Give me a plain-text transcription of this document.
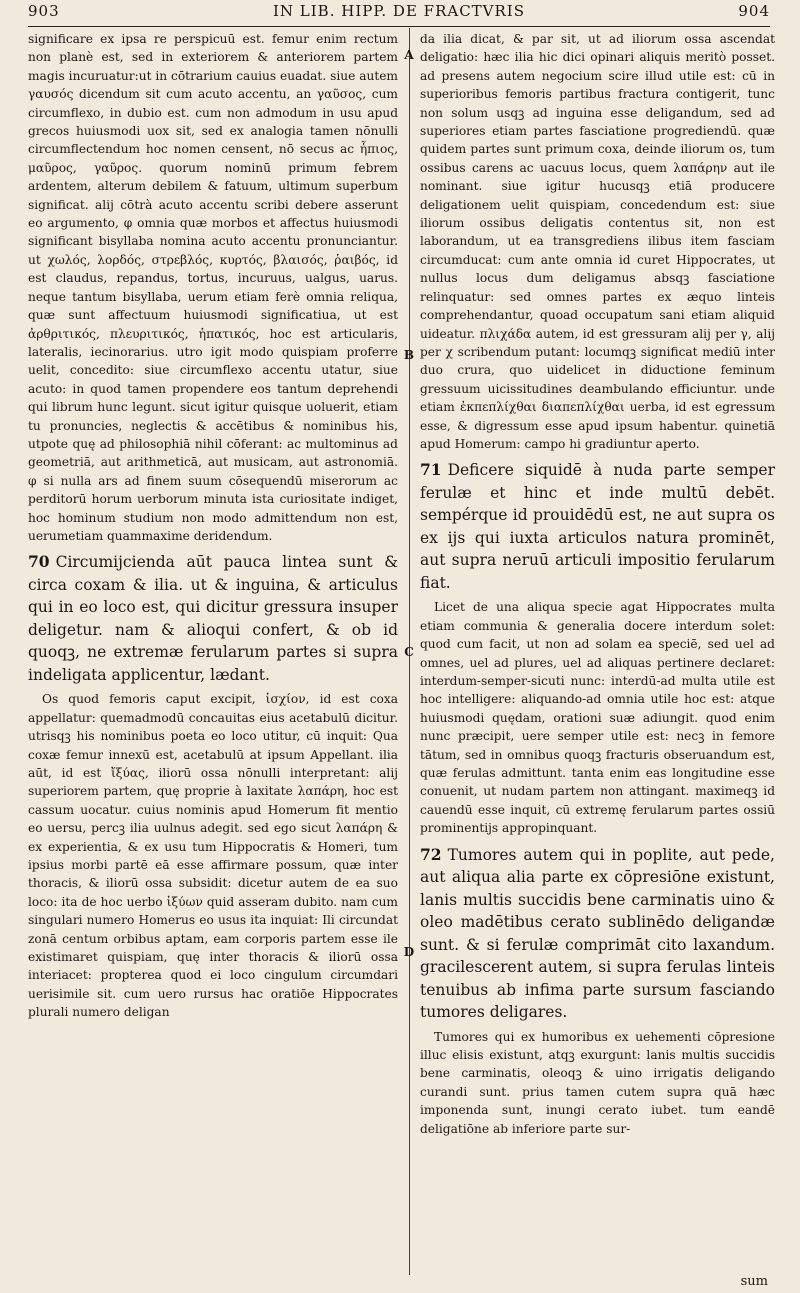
903	IN LIB. HIPP. DE FRACTVRIS	904
A
B
C
D

significare ex ipsa re perspicuū est. femur enim rectum non planè est, sed in exteriorem & anteriorem partem magis incuruatur:ut in cōtrarium cauius euadat. siue autem γαυσός dicendum sit cum acuto accentu, an γαῦσος, cum circumflexo, in dubio est. cum non admodum in usu apud grecos huiusmodi uox sit, sed ex analogia tamen nōnulli circumflectendum hoc nomen censent, nō secus ac ἧπιος, μαῦρος, γαῦρος. quorum nominū primum febrem ardentem, alterum debilem & fatuum, ultimum superbum significat. alij cōtrà acuto accentu scribi debere asserunt eo argumento, φ omnia quæ morbos et affectus huiusmodi significant bisyllaba nomina acuto accentu pronunciantur. ut χωλός, λορδός, στρεβλός, κυρτός, βλαισός, ῥαιβός, id est claudus, repandus, tortus, incuruus, ualgus, uarus. neque tantum bisyllaba, uerum etiam ferè omnia reliqua, quæ sunt affectuum huiusmodi significatiua, ut est ἀρθριτικός, πλευριτικός, ἡπατικός, hoc est articularis, lateralis, iecinorarius. utro igit modo quispiam proferre uelit, concedito: siue circumflexo accentu utatur, siue acuto: in quod tamen propendere eos tantum deprehendi qui librum hunc legunt. sicut igitur quisque uoluerit, etiam tu pronuncies, neglectis & accētibus & nominibus his, utpote quę ad philosophiā nihil cōferant: ac multominus ad geometriā, aut arithmeticā, aut musicam, aut astronomiā. φ si nulla ars ad finem suum cōsequendū miserorum ac perditorū horum uerborum minuta ista curiositate indiget, hoc hominum studium non modo admittendum non est, uerumetiam quammaxime deridendum.

70 Circumijcienda aūt pauca lintea sunt & circa coxam & ilia. ut & inguina, & articulus qui in eo loco est, qui dicitur gressura insuper deligetur. nam & alioqui confert, & ob id quoqꝫ, ne extremæ ferularum partes si supra indeligata applicentur, lædant.

Os quod femoris caput excipit, ἰσχίον, id est coxa appellatur: quemadmodū concauitas eius acetabulū dicitur. utrisqꝫ his nominibus poeta eo loco utitur, cū inquit: Qua coxæ femur innexū est, acetabulū at ipsum Appellant. ilia aūt, id est ἴξύας, iliorū ossa nōnulli interpretant: alij superiorem partem, quę proprie à laxitate λαπάρη, hoc est cassum uocatur. cuius nominis apud Homerum fit mentio eo uersu, percꝫ ilia uulnus adegit. sed ego sicut λαπάρη & ex experientia, & ex usu tum Hippocratis & Homeri, tum ipsius morbi partē eā esse affirmare possum, quæ inter thoracis, & iliorū ossa subsidit: dicetur autem de ea suo loco: ita de hoc uerbo ἰξύων quid asseram dubito. nam cum singulari numero Homerus eo usus ita inquiat: Ili circundat zonā centum orbibus aptam, eam corporis partem esse ile existimaret quispiam, quę inter thoracis & iliorū ossa interiacet: propterea quod ei loco cingulum circumdari uerisimile sit. cum uero rursus hac oratiōe Hippocrates plurali numero deligan

da ilia dicat, & par sit, ut ad iliorum ossa ascendat deligatio: hæc ilia hic dici opinari aliquis meritò posset. ad presens autem negocium scire illud utile est: cū in superioribus femoris partibus fractura contigerit, tunc non solum usqꝫ ad inguina esse deligandum, sed ad superiores etiam partes fasciatione progrediendū. quæ quidem partes sunt primum coxa, deinde iliorum os, tum ossibus carens ac uacuus locus, quem λαπάρην aut ile nominant. siue igitur hucusqꝫ etiā producere deligationem uelit quispiam, concedendum est: siue iliorum ossibus deligatis contentus sit, non est laborandum, ut ea transgrediens ilibus item fasciam circumducat: cum ante omnia id curet Hippocrates, ut nullus locus dum deligamus absqꝫ fasciatione relinquatur: sed omnes partes ex æquo linteis comprehendantur, quoad occupatum sani etiam aliquid uideatur. πλιχάδα autem, id est gressuram alij per γ, alij per χ scribendum putant: locumqꝫ significat mediū inter duo crura, quo uidelicet in diductione feminum gressuum uicissitudines deambulando efficiuntur. unde etiam ἐκπεπλίχθαι διαπεπλίχθαι uerba, id est egressum esse, & digressum esse apud ipsum habentur. quinetiā apud Homerum: campo hi gradiuntur aperto.

71 Deficere siquidē à nuda parte semper ferulæ et hinc et inde multū debēt. sempérque id prouidēdū est, ne aut supra os ex ijs qui iuxta articulos natura prominēt, aut supra neruū articuli impositio ferularum fiat.

Licet de una aliqua specie agat Hippocrates multa etiam communia & generalia docere interdum solet: quod cum facit, ut non ad solam ea speciē, sed uel ad omnes, uel ad plures, uel ad aliquas pertinere declaret: interdum-semper-sicuti nunc: interdū-ad multa utile est hoc intelligere: aliquando-ad omnia utile hoc est: atque huiusmodi quędam, orationi suæ adiungit. quod enim nunc præcipit, uere semper utile est: necꝫ in femore tātum, sed in omnibus quoqꝫ fracturis obseruandum est, quæ ferulas admittunt. tanta enim eas longitudine esse conuenit, ut nudam partem non attingant. maximeqꝫ id cauendū esse inquit, cū extremę ferularum partes ossiū prominentijs appropinquant.

72 Tumores autem qui in poplite, aut pede, aut aliqua alia parte ex cōpresiōne existunt, lanis multis succidis bene carminatis uino & oleo madētibus cerato sublinēdo deligandæ sunt. & si ferulæ comprimāt cito laxandum. gracilescerent autem, si supra ferulas linteis tenuibus ab infima parte sursum fasciando tumores deligares.

Tumores qui ex humoribus ex uehementi cōpresione illuc elisis existunt, atqꝫ exurgunt: lanis multis succidis bene carminatis, oleoqꝫ & uino irrigatis deligando curandi sunt. prius tamen cutem supra quā hæc imponenda sunt, inungi cerato iubet. tum eandē deligatiōne ab inferiore parte sur-

sum
